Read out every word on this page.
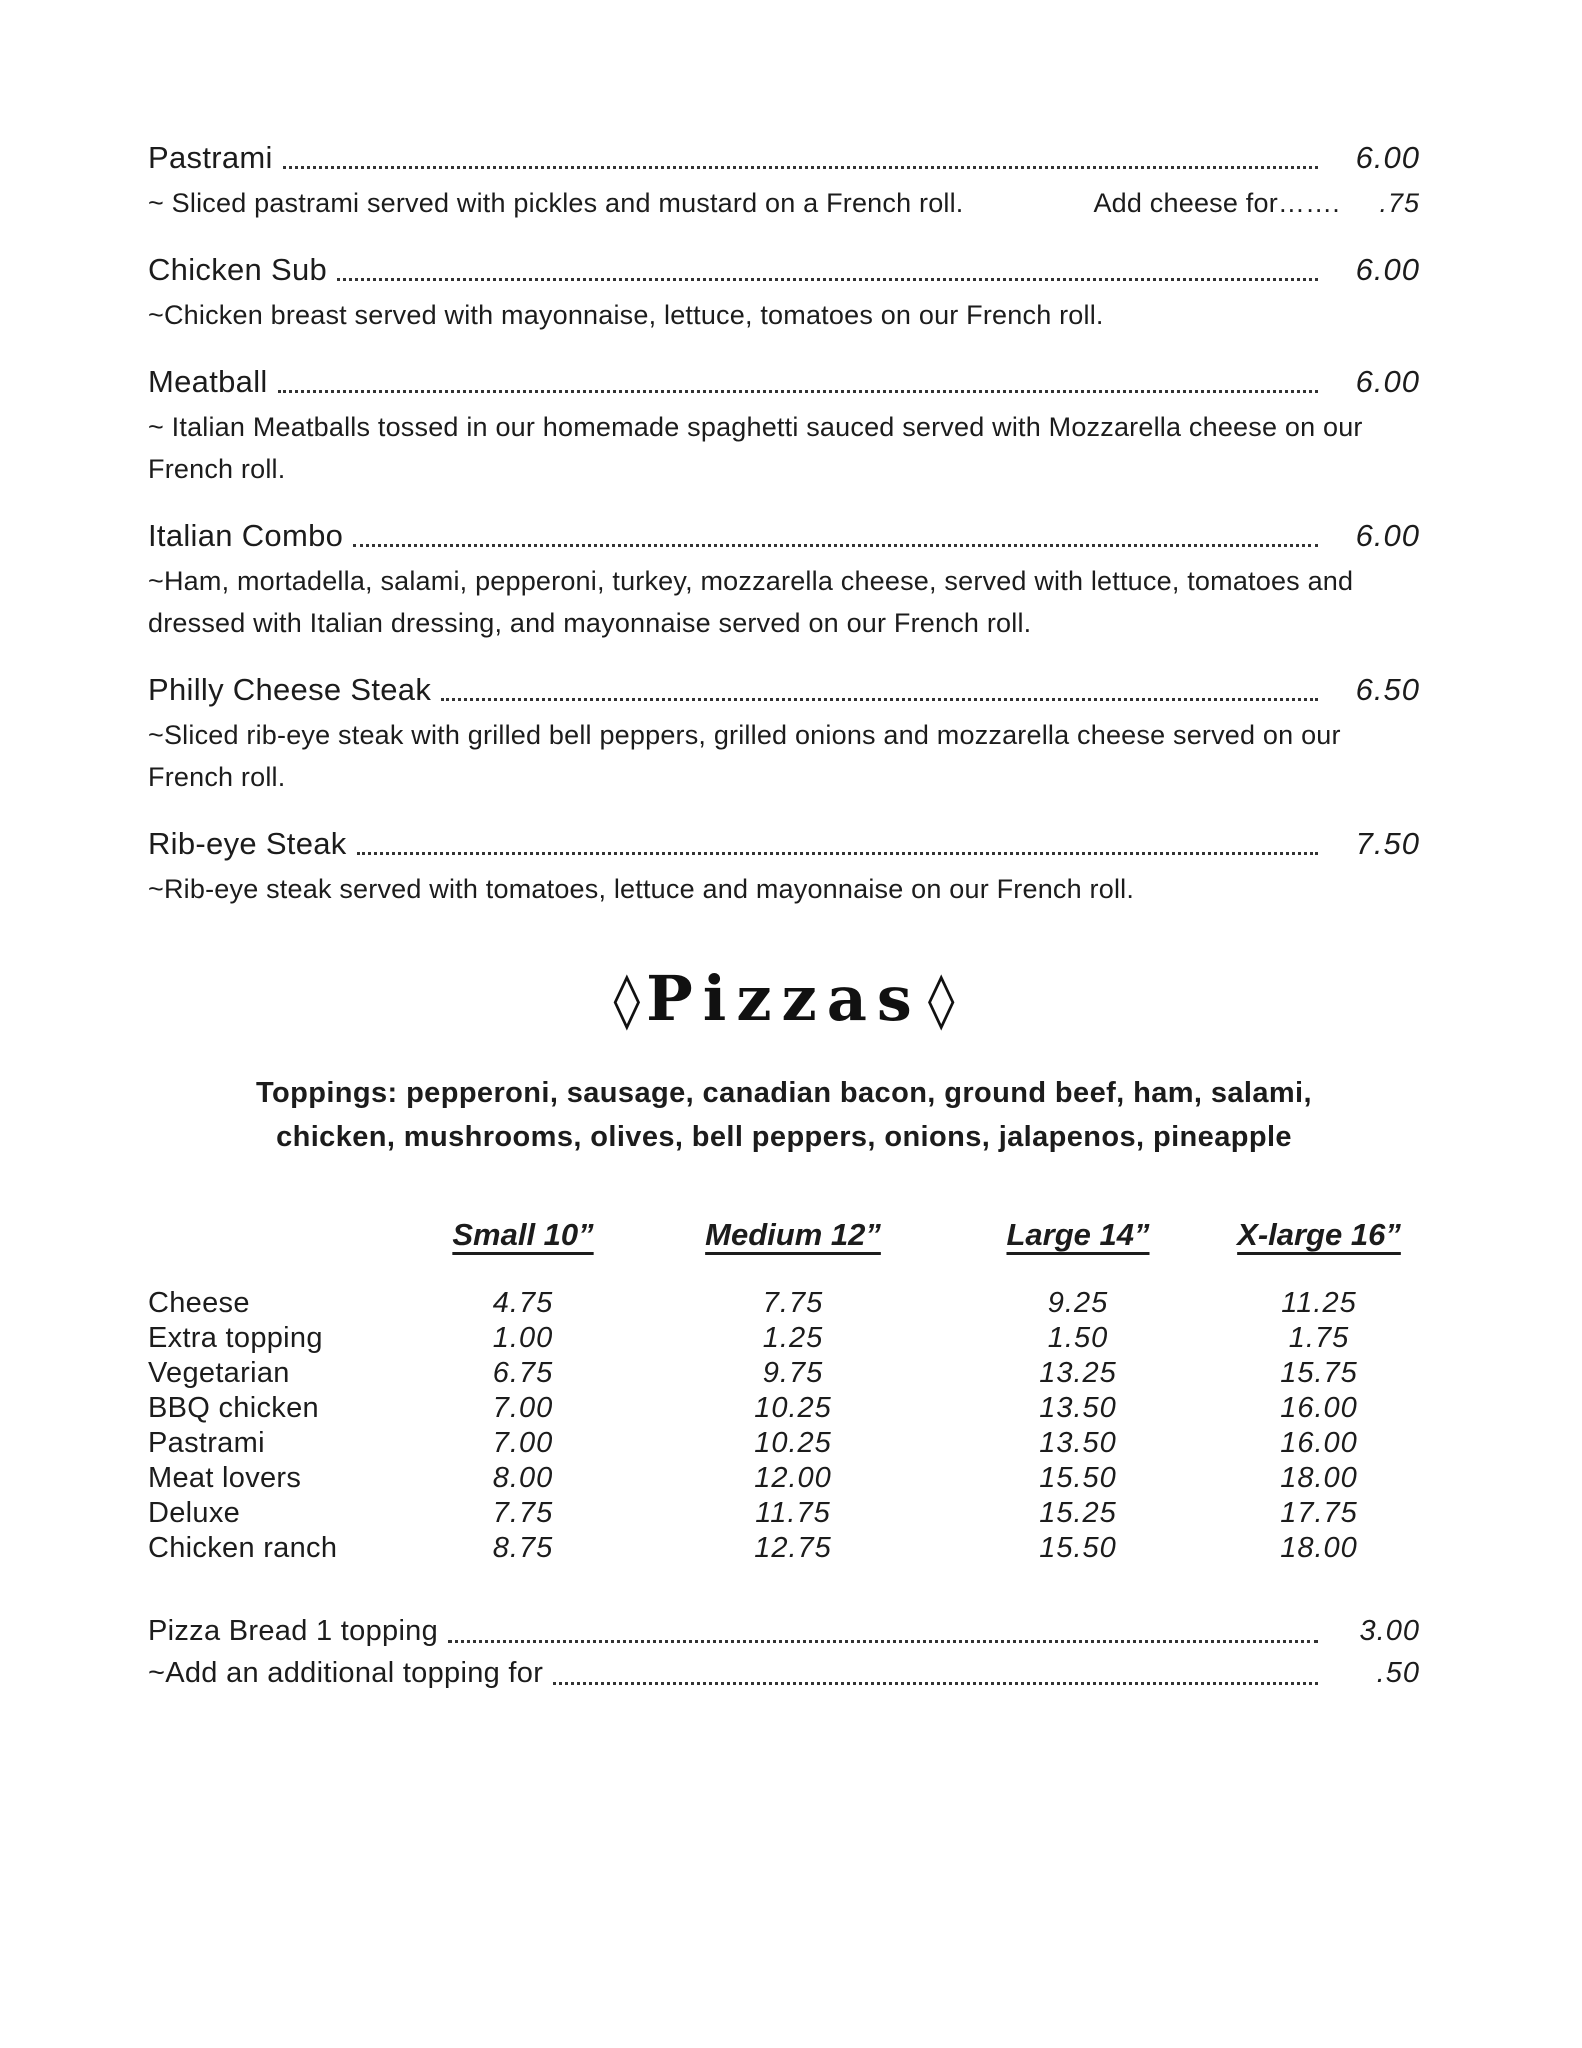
Pastrami	6.00
~ Sliced pastrami served with pickles and mustard on a French roll.	Add cheese for…….	.75
Chicken Sub	6.00
~Chicken breast served with mayonnaise, lettuce, tomatoes on our French roll.
Meatball	6.00
~ Italian Meatballs tossed in our homemade spaghetti sauced served with Mozzarella cheese on our French roll.
Italian Combo	6.00
~Ham, mortadella, salami, pepperoni, turkey, mozzarella cheese, served with lettuce, tomatoes and dressed with Italian dressing, and mayonnaise served on our French roll.
Philly Cheese Steak	6.50
~Sliced rib-eye steak with grilled bell peppers, grilled onions and mozzarella cheese served on our French roll.
Rib-eye Steak	7.50
~Rib-eye steak served with tomatoes, lettuce and mayonnaise on our French roll.
◊Pizzas ◊

Toppings: pepperoni, sausage, canadian bacon, ground beef, ham, salami, chicken, mushrooms, olives, bell peppers, onions, jalapenos, pineapple

Small 10”	Medium 12”	Large 14”	X-large 16”
Cheese	4.75	7.75	9.25	11.25
Extra topping	1.00	1.25	1.50	1.75
Vegetarian	6.75	9.75	13.25	15.75
BBQ chicken	7.00	10.25	13.50	16.00
Pastrami	7.00	10.25	13.50	16.00
Meat lovers	8.00	12.00	15.50	18.00
Deluxe	7.75	11.75	15.25	17.75
Chicken ranch	8.75	12.75	15.50	18.00
Pizza Bread 1 topping	3.00
~Add an additional topping for	.50
